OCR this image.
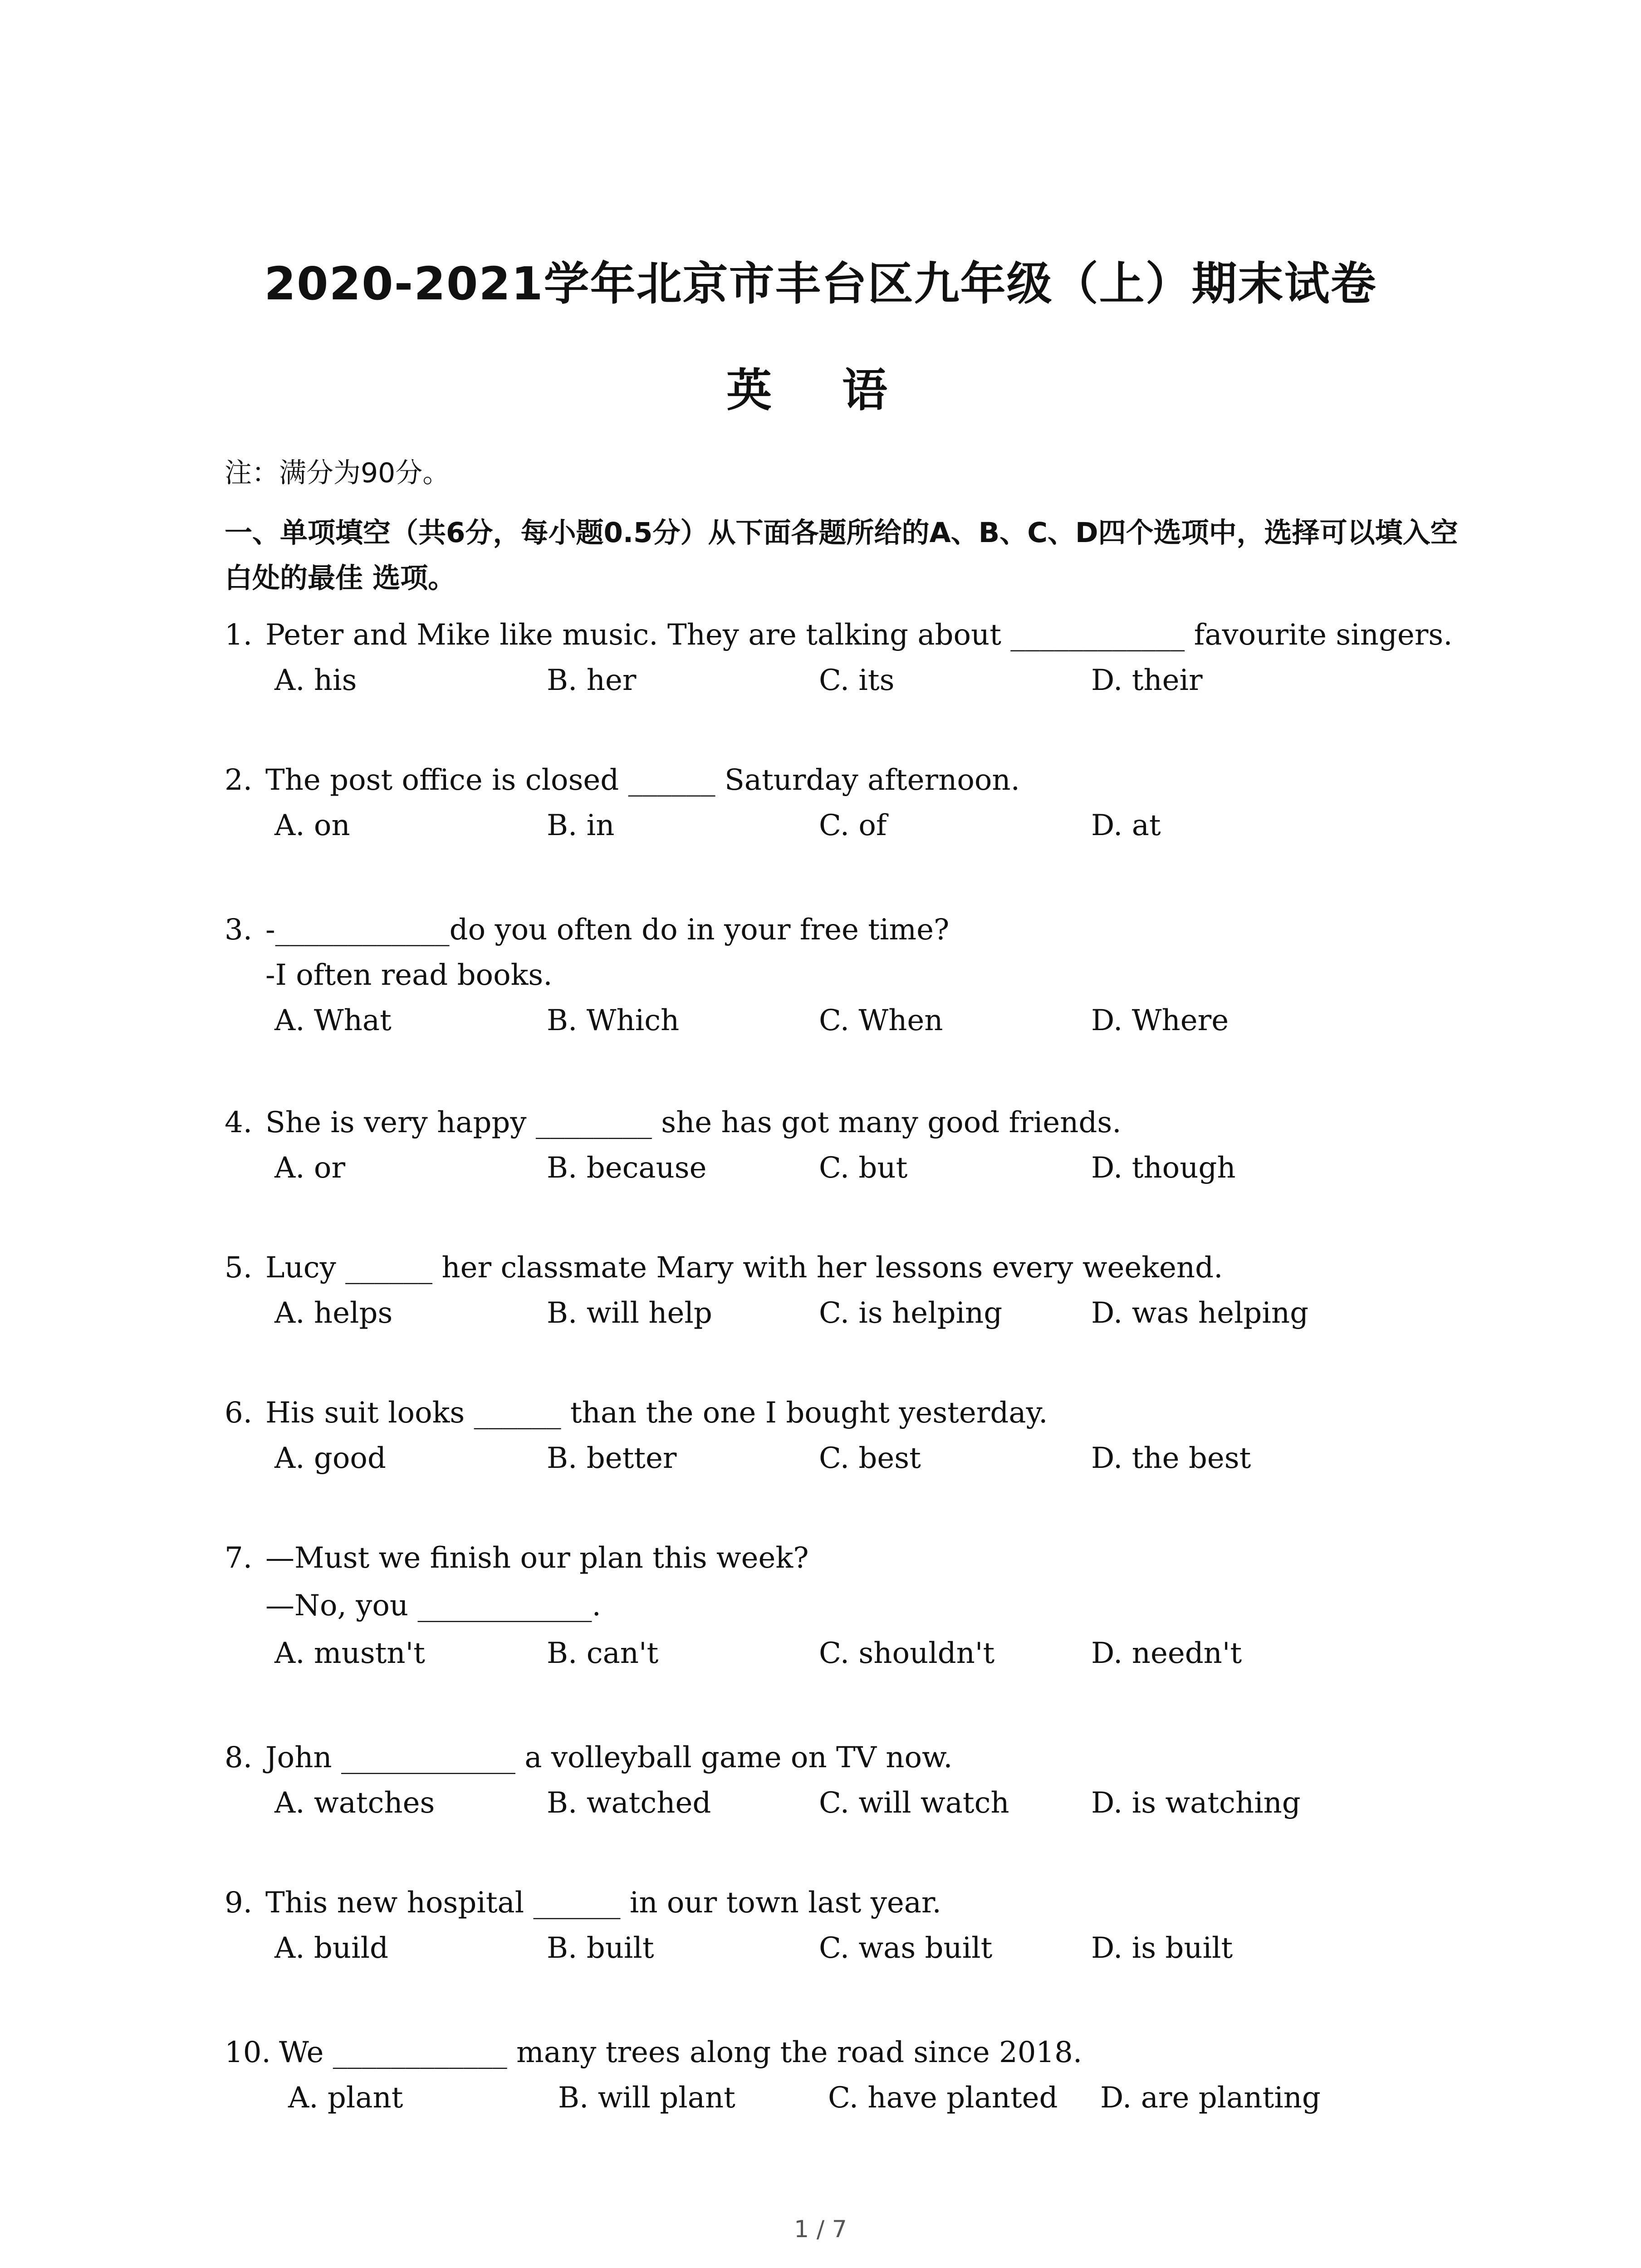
2020-2021学年北京市丰台区九年级（上）期末试卷
英 语
注：满分为90分。
一、单项填空（共6分，每小题0.5分）从下面各题所给的A、B、C、D四个选项中，选择可以填入空白处的最佳 选项。
1. Peter and Mike like music. They are talking about ____________ favourite singers.
A. his	B. her	C. its	D. their
2. The post office is closed ______ Saturday afternoon.
A. on	B. in	C. of	D. at
3. -____________do you often do in your free time?
-I often read books.
A. What	B. Which	C. When	D. Where
4. She is very happy ________ she has got many good friends.
A. or	B. because	C. but	D. though
5. Lucy ______ her classmate Mary with her lessons every weekend.
A. helps	B. will help	C. is helping	D. was helping
6. His suit looks ______ than the one I bought yesterday.
A. good	B. better	C. best	D. the best
7. —Must we finish our plan this week?
—No, you ____________.
A. mustn't	B. can't	C. shouldn't	D. needn't
8. John ____________ a volleyball game on TV now.
A. watches	B. watched	C. will watch	D. is watching
9. This new hospital ______ in our town last year.
A. build	B. built	C. was built	D. is built
10. We ____________ many trees along the road since 2018.
A. plant	B. will plant	C. have planted D. are planting
1 / 7
